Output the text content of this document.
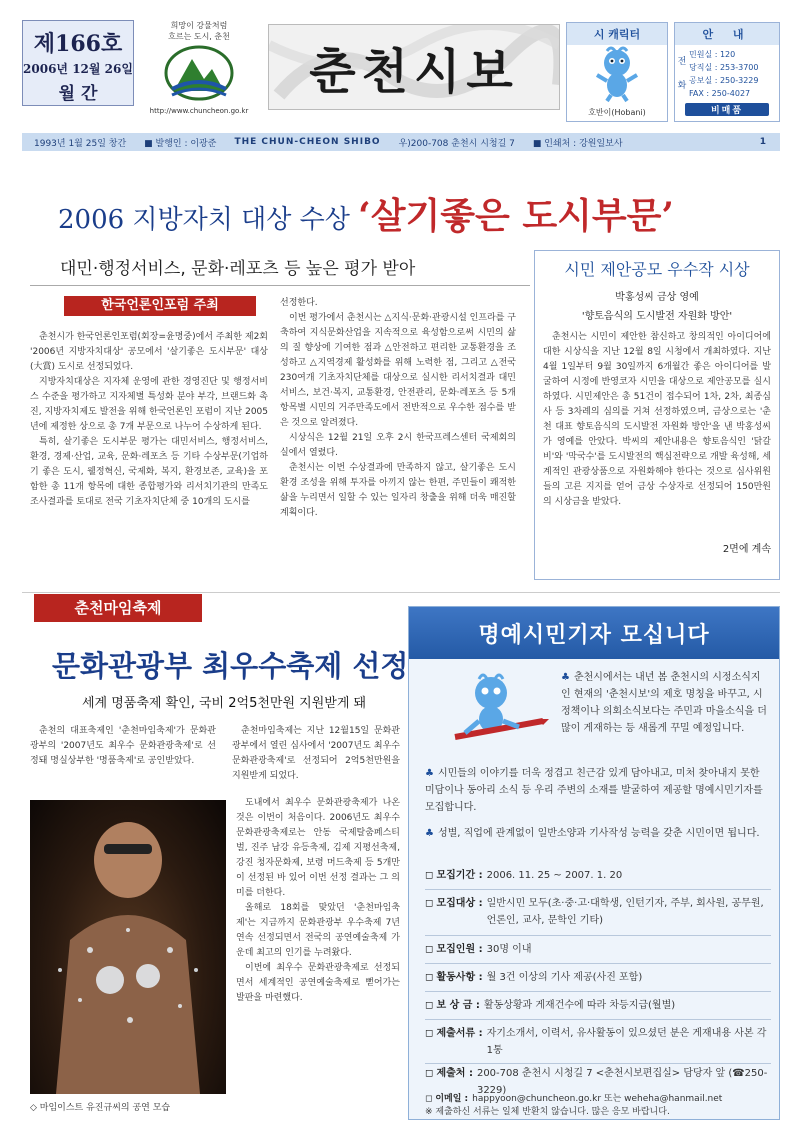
제166호
2006년 12월 26일
월 간
희망이 강물처럼
흐르는 도시, 춘천
http://www.chuncheon.go.kr
춘천시보
시 캐릭터
호반이(Hobani)
안 내
전
화
민원실 : 120
당직실 : 253-3700
공보실 : 250-3229
FAX : 250-4027
비매품
1993년 1월 25일 창간 ■ 발행인 : 이광준 THE CHUN-CHEON SHIBO 우)200-708 춘천시 시청길 7 ■ 인쇄처 : 강원일보사	1
2006 지방자치 대상 수상 ‘살기좋은 도시부문’
대민·행정서비스, 문화·레포츠 등 높은 평가 받아
한국언론인포럼 주최

춘천시가 한국언론인포럼(회장=윤명중)에서 주최한 제2회 '2006년 지방자치대상' 공모에서 '살기좋은 도시부문' 대상(大賞) 도시로 선정되었다.

지방자치대상은 지자체 운영에 관한 경영진단 및 행정서비스 수준을 평가하고 지자체별 특성화 분야 부각, 브랜드화 촉진, 지방자치제도 발전을 위해 한국언론인 포럼이 지난 2005년에 제정한 상으로 총 7개 부문으로 나누어 수상하게 된다.

특히, 살기좋은 도시부문 평가는 대민서비스, 행정서비스, 환경, 경제·산업, 교육, 문화·레포츠 등 기타 수상부문(기업하기 좋은 도시, 웰정혁신, 국제화, 복지, 환경보존, 교육)을 포함한 총 11개 항목에 대한 종합평가와 리서치기관의 만족도 조사결과를 토대로 전국 기초자치단체 중 10개의 도시를

선정한다.

이번 평가에서 춘천시는 △지식·문화·관광시설 인프라를 구축하여 지식문화산업을 지속적으로 육성함으로써 시민의 삶의 질 향상에 기여한 점과 △안전하고 편리한 교통환경을 조성하고 △지역경제 활성화를 위해 노력한 점, 그리고 △전국 230여개 기초자치단체를 대상으로 실시한 리서치결과 대민서비스, 보건·복지, 교통환경, 안전관리, 문화·레포츠 등 5개 항목별 시민의 거주만족도에서 전반적으로 우수한 점수를 받은 것으로 알려졌다.

시상식은 12월 21일 오후 2시 한국프레스센터 국제회의실에서 열렸다.

춘천시는 이번 수상결과에 만족하지 않고, 살기좋은 도시환경 조성을 위해 투자를 아끼지 않는 한편, 주민들이 쾌적한 삶을 누리면서 일할 수 있는 일자리 창출을 위해 더욱 매진할 계획이다.

시민 제안공모 우수작 시상
박홍성씨 금상 영예
'향토음식의 도시발전 자원화 방안'

춘천시는 시민이 제안한 참신하고 창의적인 아이디어에 대한 시상식을 지난 12월 8일 시청에서 개최하였다. 지난 4월 1일부터 9월 30일까지 6개월간 좋은 아이디어를 발굴하여 시정에 반영코자 시민을 대상으로 제안공모를 실시하였다. 시민제안은 총 51건이 접수되어 1차, 2차, 최종심사 등 3차례의 심의를 거쳐 선정하였으며, 금상으로는 '춘천 대표 향토음식의 도시발전 자원화 방안'을 낸 박홍성씨가 영예를 안았다. 박씨의 제안내용은 향토음식인 '닭갈비'와 '막국수'를 도시발전의 핵심전략으로 개발 육성해, 세계적인 관광상품으로 자원화해야 한다는 것으로 심사위원들의 고른 지지를 얻어 금상 수상자로 선정되어 150만원의 시상금을 받았다.

2면에 계속
춘천마임축제
문화관광부 최우수축제 선정
세계 명품축제 확인, 국비 2억5천만원 지원받게 돼

춘천의 대표축제인 '춘천마임축제'가 문화관광부의 '2007년도 최우수 문화관광축제'로 선정돼 명실상부한 '명품축제'로 공인받았다.

춘천마임축제는 지난 12월15일 문화관광부에서 열린 심사에서 '2007년도 최우수 문화관광축제'로 선정되어 2억5천만원을 지원받게 되었다.

도내에서 최우수 문화관광축제가 나온 것은 이번이 처음이다. 2006년도 최우수 문화관광축제로는 안동 국제탈춤페스티벌, 진주 남강 유등축제, 김제 지평선축제, 강진 청자문화제, 보령 머드축제 등 5개만이 선정된 바 있어 이번 선정 결과는 그 의미를 더한다.

올해로 18회를 맞았던 '춘천마임축제'는 지금까지 문화관광부 우수축제 7년 연속 선정되면서 전국의 공연예술축제 가운데 최고의 인기를 누려왔다.

이번에 최우수 문화관광축제로 선정되면서 세계적인 공연예술축제로 뻗어가는 발판을 마련했다.

◇ 마임이스트 유진규씨의 공연 모습
명예시민기자 모십니다
♣ 춘천시에서는 내년 봄 춘천시의 시정소식지인 현재의 '춘천시보'의 제호 명칭을 바꾸고, 시정책이나 의회소식보다는 주민과 마을소식을 더 많이 게재하는 등 새롭게 꾸밀 예정입니다.
♣ 시민들의 이야기를 더욱 정겹고 친근감 있게 담아내고, 미처 찾아내지 못한 미담이나 동아리 소식 등 우리 주변의 소재를 발굴하여 제공할 명예시민기자를 모집합니다.
♣ 성별, 직업에 관계없이 일반소양과 기사작성 능력을 갖춘 시민이면 됩니다.
◻ 모집기간 : 2006. 11. 25 ~ 2007. 1. 20
◻ 모집대상 : 일반시민 모두(초·중·고·대학생, 인턴기자, 주부, 회사원, 공무원, 언론인, 교사, 문학인 기타)
◻ 모집인원 : 30명 이내
◻ 활동사항 : 월 3건 이상의 기사 제공(사진 포함)
◻ 보 상 금 : 활동상황과 게재건수에 따라 차등지급(월별)
◻ 제출서류 : 자기소개서, 이력서, 유사활동이 있으셨던 분은 게재내용 사본 각 1통
◻ 제출처 : 200-708 춘천시 시청길 7 <춘천시보편집실> 담당자 앞 (☎250-3229)
◻ 이메일 : happyoon@chuncheon.go.kr 또는 weheha@hanmail.net
※ 제출하신 서류는 일체 반환치 않습니다. 많은 응모 바랍니다.
